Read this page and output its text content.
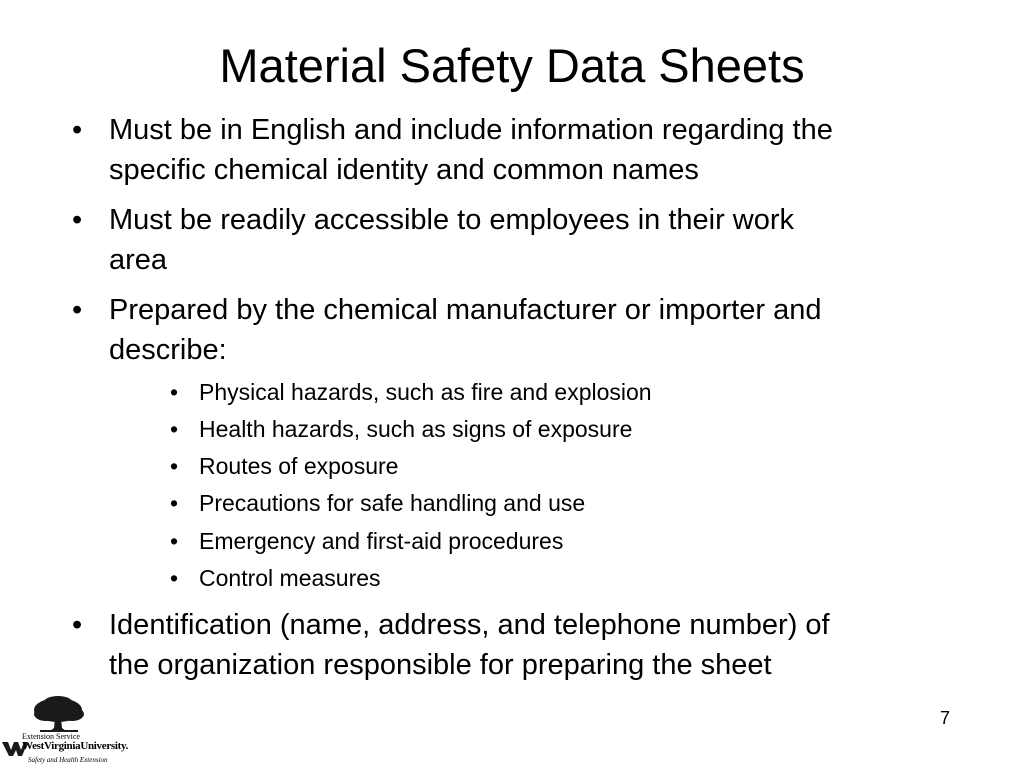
Material Safety Data Sheets
• Must be in English and include information regarding the
specific chemical identity and common names
• Must be readily accessible to employees in their work
area
• Prepared by the chemical manufacturer or importer and
describe:
• Physical hazards, such as fire and explosion
• Health hazards, such as signs of exposure
• Routes of exposure
• Precautions for safe handling and use
• Emergency and first-aid procedures
• Control measures
• Identification (name, address, and telephone number) of
the organization responsible for preparing the sheet
7
Extension Service
WestVirginiaUniversity.
Safety and Health Extension
